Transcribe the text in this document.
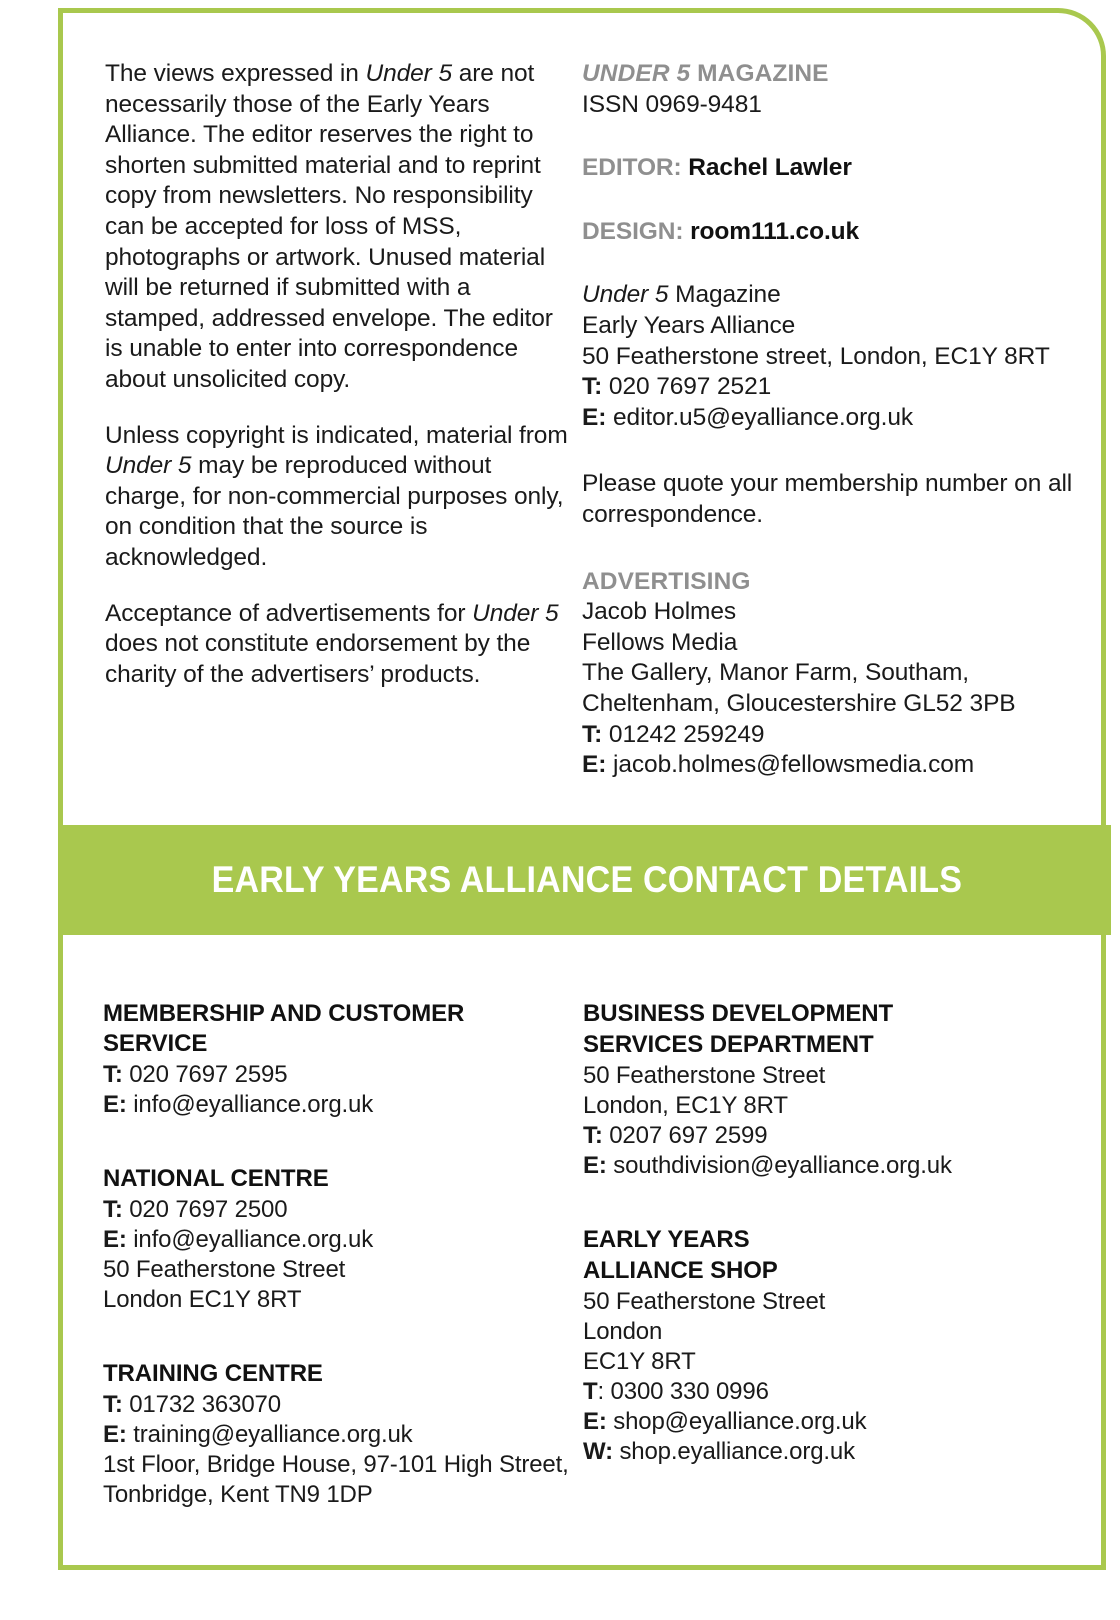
The views expressed in Under 5 are not necessarily those of the Early Years Alliance. The editor reserves the right to shorten submitted material and to reprint copy from newsletters. No responsibility can be accepted for loss of MSS, photographs or artwork. Unused material will be returned if submitted with a stamped, addressed envelope. The editor is unable to enter into correspondence about unsolicited copy.

Unless copyright is indicated, material from Under 5 may be reproduced without charge, for non-commercial purposes only, on condition that the source is acknowledged.

Acceptance of advertisements for Under 5 does not constitute endorsement by the charity of the advertisers’ products.

UNDER 5 MAGAZINE

ISSN 0969-9481

EDITOR: Rachel Lawler

DESIGN: room111.co.uk

Under 5 Magazine

Early Years Alliance

50 Featherstone street, London, EC1Y 8RT

T: 020 7697 2521

E: editor.u5@eyalliance.org.uk

Please quote your membership number on all correspondence.

ADVERTISING

Jacob Holmes

Fellows Media

The Gallery, Manor Farm, Southam,

Cheltenham, Gloucestershire GL52 3PB

T: 01242 259249

E: jacob.holmes@fellowsmedia.com

EARLY YEARS ALLIANCE CONTACT DETAILS

MEMBERSHIP AND CUSTOMER SERVICE

T: 020 7697 2595

E: info@eyalliance.org.uk

NATIONAL CENTRE

T: 020 7697 2500

E: info@eyalliance.org.uk

50 Featherstone Street

London EC1Y 8RT

TRAINING CENTRE

T: 01732 363070

E: training@eyalliance.org.uk

1st Floor, Bridge House, 97-101 High Street,

Tonbridge, Kent TN9 1DP

BUSINESS DEVELOPMENT

SERVICES DEPARTMENT

50 Featherstone Street

London, EC1Y 8RT

T: 0207 697 2599

E: southdivision@eyalliance.org.uk

EARLY YEARS

ALLIANCE SHOP

50 Featherstone Street

London

EC1Y 8RT

T: 0300 330 0996

E: shop@eyalliance.org.uk

W: shop.eyalliance.org.uk
